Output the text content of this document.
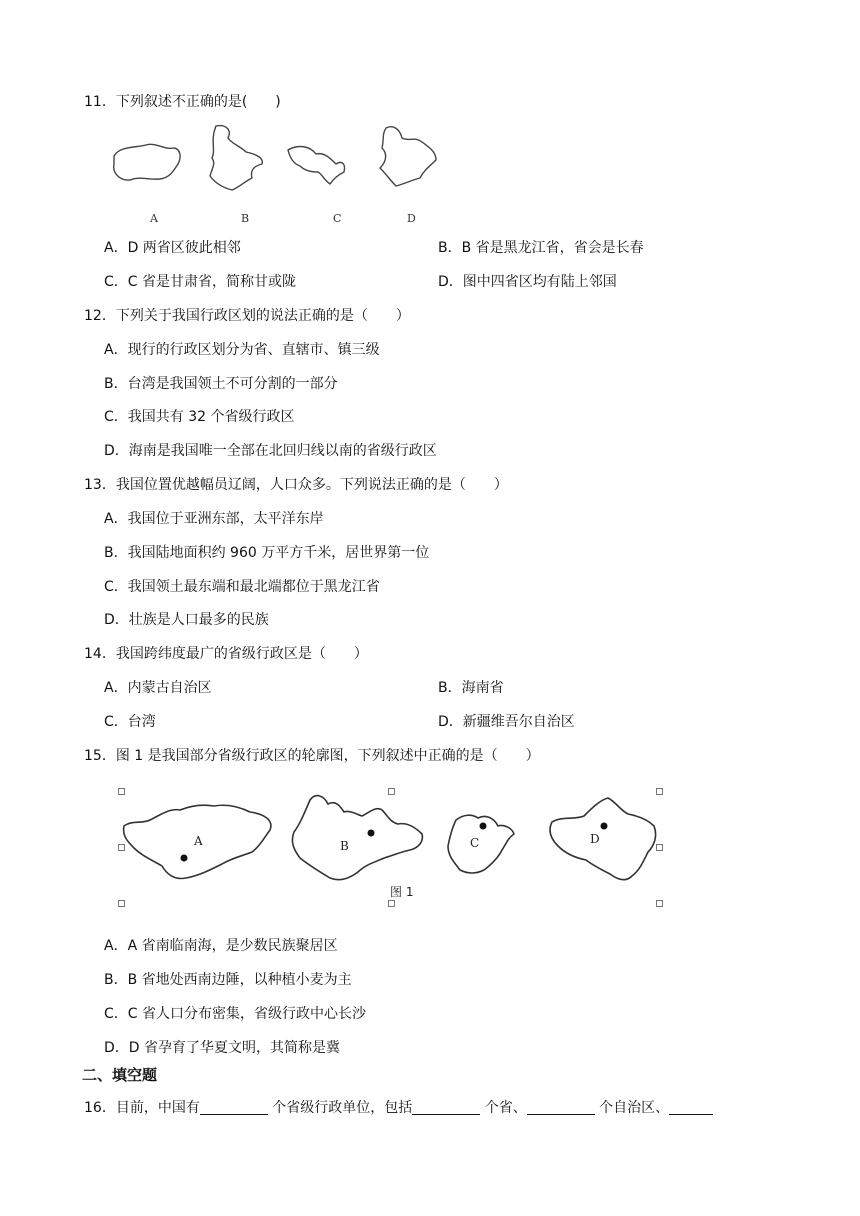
11．下列叙述不正确的是(　　)
A	B	C	D
A．D 两省区彼此相邻	B．B 省是黑龙江省，省会是长春
C．C 省是甘肃省，简称甘或陇	D．图中四省区均有陆上邻国
12．下列关于我国行政区划的说法正确的是（　　）
A．现行的行政区划分为省、直辖市、镇三级
B．台湾是我国领土不可分割的一部分
C．我国共有 32 个省级行政区
D．海南是我国唯一全部在北回归线以南的省级行政区
13．我国位置优越幅员辽阔，人口众多。下列说法正确的是（　　）
A．我国位于亚洲东部，太平洋东岸
B．我国陆地面积约 960 万平方千米，居世界第一位
C．我国领土最东端和最北端都位于黑龙江省
D．壮族是人口最多的民族
14．我国跨纬度最广的省级行政区是（　　）
A．内蒙古自治区	B．海南省
C．台湾	D．新疆维吾尔自治区
15．图 1 是我国部分省级行政区的轮廓图，下列叙述中正确的是（　　）
A	B	C	D
图 1
A．A 省南临南海，是少数民族聚居区
B．B 省地处西南边陲，以种植小麦为主
C．C 省人口分布密集，省级行政中心长沙
D．D 省孕育了华夏文明，其简称是冀
二、填空题
16．目前，中国有	个省级行政单位，包括	个省、	个自治区、
